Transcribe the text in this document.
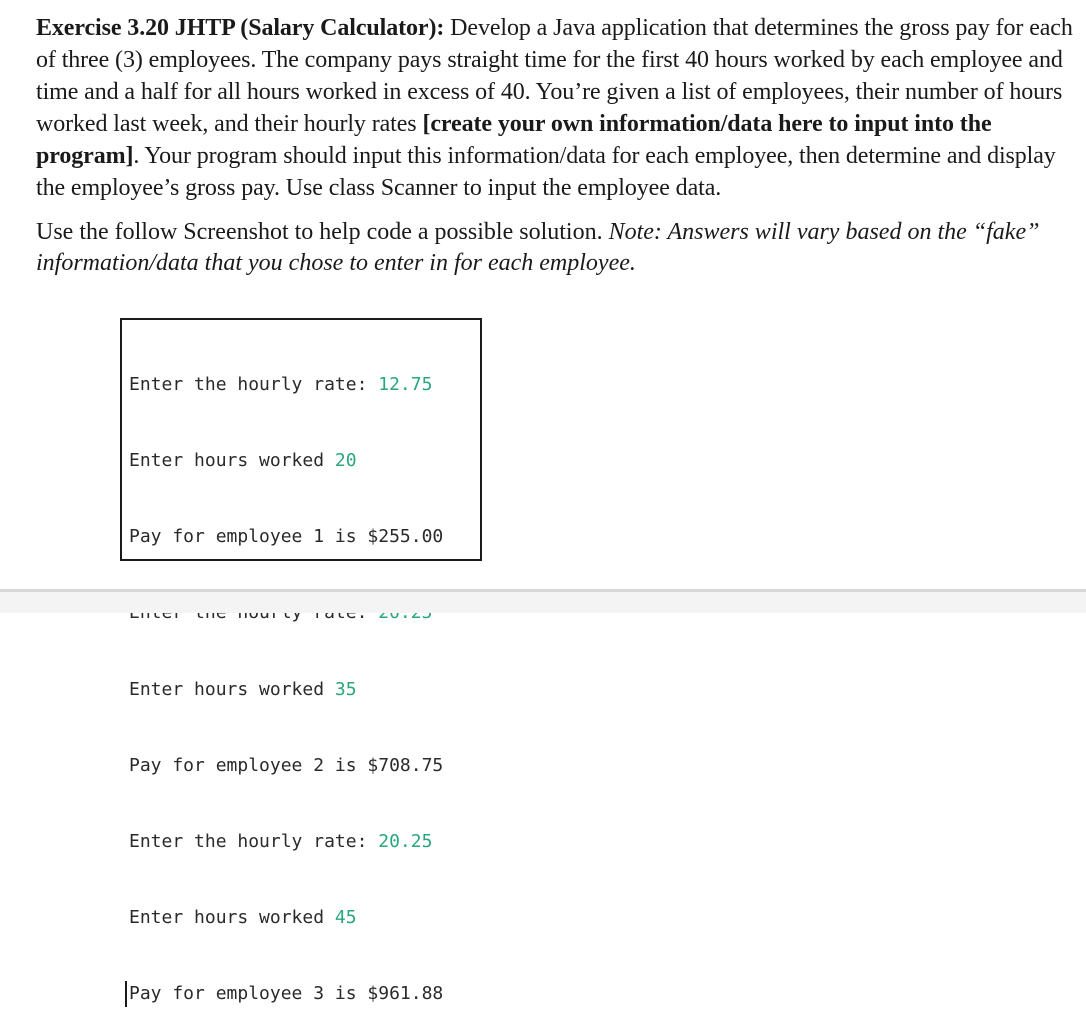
Exercise 3.20 JHTP (Salary Calculator): Develop a Java application that determines the gross pay for each of three (3) employees. The company pays straight time for the first 40 hours worked by each employee and time and a half for all hours worked in excess of 40. You’re given a list of employees, their number of hours worked last week, and their hourly rates [create your own information/data here to input into the program]. Your program should input this information/data for each employee, then determine and display the employee’s gross pay. Use class Scanner to input the employee data.

Use the follow Screenshot to help code a possible solution. Note: Answers will vary based on the “fake” information/data that you chose to enter in for each employee.

Enter the hourly rate: 12.75

Enter hours worked 20

Pay for employee 1 is $255.00

Enter hours worked 35

Pay for employee 2 is $708.75

Enter the hourly rate: 20.25

Enter hours worked 45

Pay for employee 3 is $961.88
